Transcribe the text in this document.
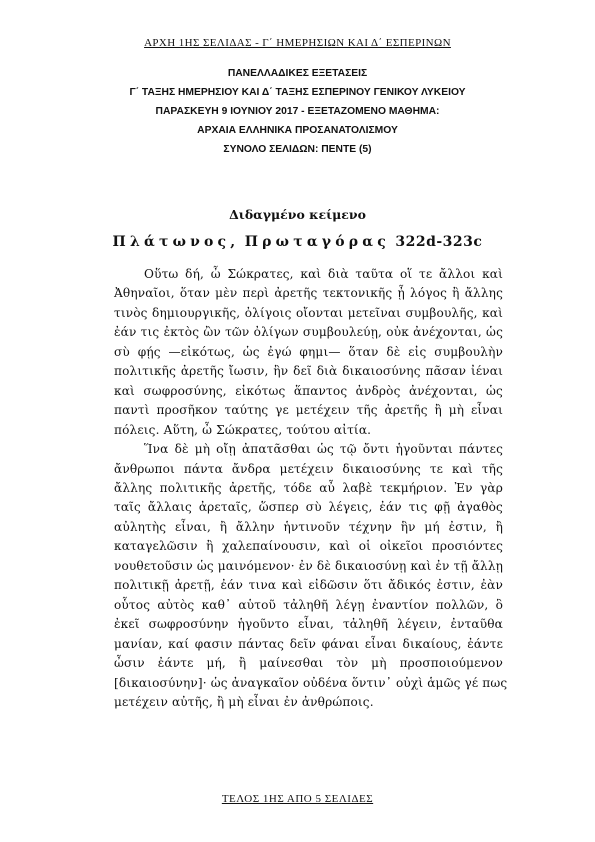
ΑΡΧΗ 1ΗΣ ΣΕΛΙΔΑΣ - Γ΄ ΗΜΕΡΗΣΙΩΝ ΚΑΙ Δ΄ ΕΣΠΕΡΙΝΩΝ
ΠΑΝΕΛΛΑΔΙΚΕΣ ΕΞΕΤΑΣΕΙΣ
Γ΄ ΤΑΞΗΣ ΗΜΕΡΗΣΙΟΥ ΚΑΙ Δ΄ ΤΑΞΗΣ ΕΣΠΕΡΙΝΟΥ ΓΕΝΙΚΟΥ ΛΥΚΕΙΟΥ
ΠΑΡΑΣΚΕΥΗ 9 ΙΟΥΝΙΟΥ 2017 - ΕΞΕΤΑΖΟΜΕΝΟ ΜΑΘΗΜΑ:
ΑΡΧΑΙΑ ΕΛΛΗΝΙΚΑ ΠΡΟΣΑΝΑΤΟΛΙΣΜΟΥ
ΣΥΝΟΛΟ ΣΕΛΙΔΩΝ: ΠΕΝΤΕ (5)
Διδαγμένο κείμενο
Πλάτωνος, Πρωταγόρας 322d-323c
Οὕτω δή, ὦ Σώκρατες, καὶ διὰ ταῦτα οἵ τε ἄλλοι καὶ
Ἀθηναῖοι, ὅταν μὲν περὶ ἀρετῆς τεκτονικῆς ᾖ λόγος ἢ ἄλλης
τινὸς δημιουργικῆς, ὀλίγοις οἴονται μετεῖναι συμβουλῆς, καὶ
ἐάν τις ἐκτὸς ὢν τῶν ὀλίγων συμβουλεύῃ, οὐκ ἀνέχονται, ὡς
σὺ φῄς —εἰκότως, ὡς ἐγώ φημι— ὅταν δὲ εἰς συμβουλὴν
πολιτικῆς ἀρετῆς ἴωσιν, ἣν δεῖ διὰ δικαιοσύνης πᾶσαν ἰέναι
καὶ σωφροσύνης, εἰκότως ἅπαντος ἀνδρὸς ἀνέχονται, ὡς
παντὶ προσῆκον ταύτης γε μετέχειν τῆς ἀρετῆς ἢ μὴ εἶναι
πόλεις. Αὕτη, ὦ Σώκρατες, τούτου αἰτία.
Ἵνα δὲ μὴ οἴῃ ἀπατᾶσθαι ὡς τῷ ὄντι ἡγοῦνται πάντες
ἄνθρωποι πάντα ἄνδρα μετέχειν δικαιοσύνης τε καὶ τῆς
ἄλλης πολιτικῆς ἀρετῆς, τόδε αὖ λαβὲ τεκμήριον. Ἐν γὰρ
ταῖς ἄλλαις ἀρεταῖς, ὥσπερ σὺ λέγεις, ἐάν τις φῇ ἀγαθὸς
αὐλητὴς εἶναι, ἢ ἄλλην ἡντινοῦν τέχνην ἣν μή ἐστιν, ἢ
καταγελῶσιν ἢ χαλεπαίνουσιν, καὶ οἱ οἰκεῖοι προσιόντες
νουθετοῦσιν ὡς μαινόμενον· ἐν δὲ δικαιοσύνῃ καὶ ἐν τῇ ἄλλῃ
πολιτικῇ ἀρετῇ, ἐάν τινα καὶ εἰδῶσιν ὅτι ἄδικός ἐστιν, ἐὰν
οὗτος αὐτὸς καθ᾽ αὑτοῦ τἀληθῆ λέγῃ ἐναντίον πολλῶν, ὃ
ἐκεῖ σωφροσύνην ἡγοῦντο εἶναι, τἀληθῆ λέγειν, ἐνταῦθα
μανίαν, καί φασιν πάντας δεῖν φάναι εἶναι δικαίους, ἐάντε
ὦσιν ἐάντε μή, ἢ μαίνεσθαι τὸν μὴ προσποιούμενον
[δικαιοσύνην]· ὡς ἀναγκαῖον οὐδένα ὅντιν᾽ οὐχὶ ἁμῶς γέ πως
μετέχειν αὐτῆς, ἢ μὴ εἶναι ἐν ἀνθρώποις.
ΤΕΛΟΣ 1ΗΣ ΑΠΟ 5 ΣΕΛΙΔΕΣ
